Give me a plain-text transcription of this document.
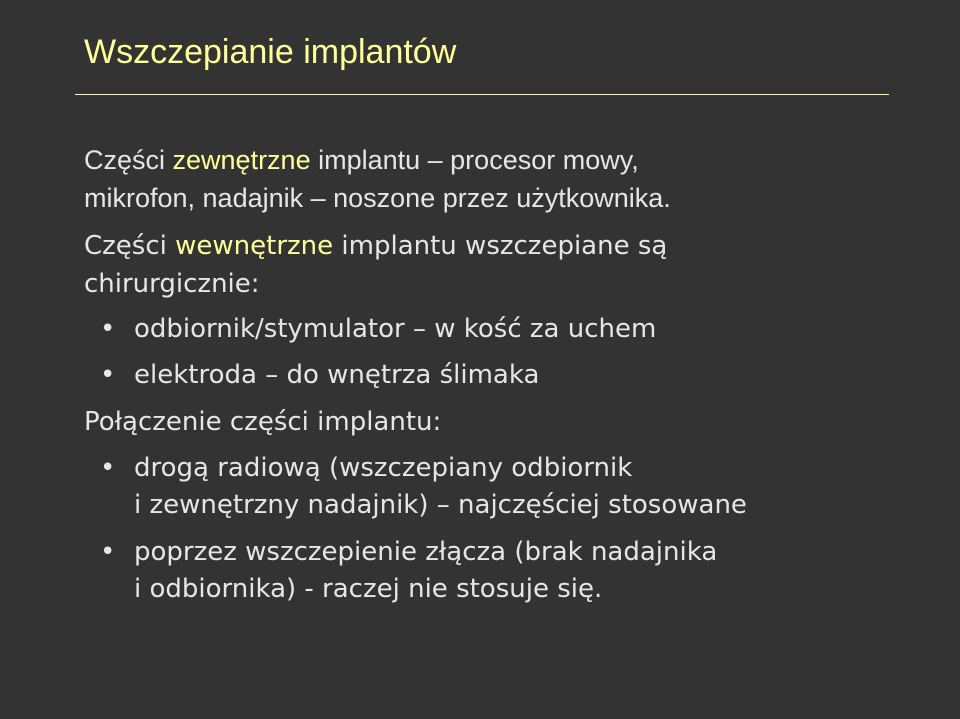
Wszczepianie implantów
Części zewnętrzne implantu – procesor mowy,
mikrofon, nadajnik – noszone przez użytkownika.
Części wewnętrzne implantu wszczepiane są
chirurgicznie:
• odbiornik/stymulator – w kość za uchem
• elektroda – do wnętrza ślimaka
Połączenie części implantu:
• drogą radiową (wszczepiany odbiornik
i zewnętrzny nadajnik) – najczęściej stosowane
• poprzez wszczepienie złącza (brak nadajnika
i odbiornika) - raczej nie stosuje się.
